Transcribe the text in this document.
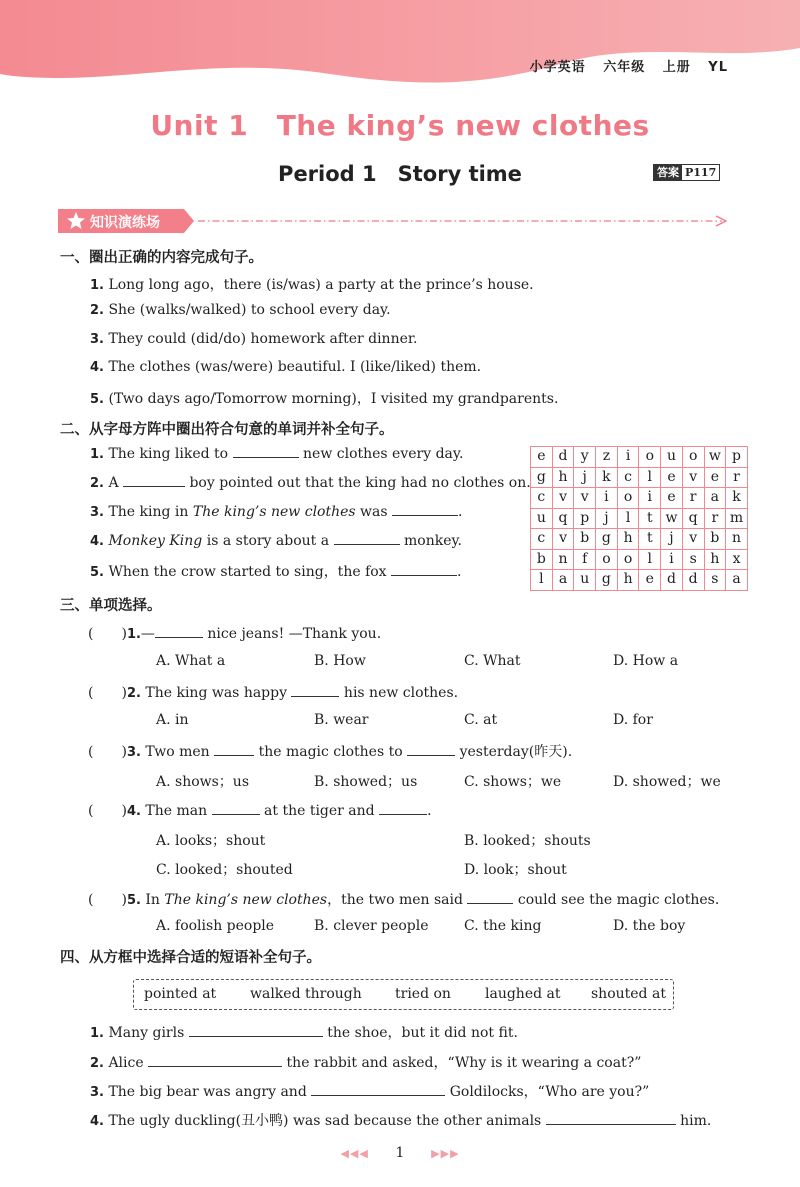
小学英语 六年级 上册 YL
Unit 1　The king’s new clothes
Period 1　Story time	答案 P117
知识演练场
一、圈出正确的内容完成句子。
1. Long long ago，there (is/was) a party at the prince’s house.
2. She (walks/walked) to school every day.
3. They could (did/do) homework after dinner.
4. The clothes (was/were) beautiful. I (like/liked) them.
5. (Two days ago/Tomorrow morning)，I visited my grandparents.
二、从字母方阵中圈出符合句意的单词并补全句子。
1. The king liked to	new clothes every day.
2. A	boy pointed out that the king had no clothes on.
3. The king in The king’s new clothes was	.
4. Monkey King is a story about a	monkey.
5. When the crow started to sing，the fox	.
e	d	y	z	i	o	u	o	w	p
g	h	j	k	c	l	e	v	e	r
c	v	v	i	o	i	e	r	a	k
u	q	p	j	l	t	w	q	r	m
c	v	b	g	h	t	j	v	b	n
b	n	f	o	o	l	i	s	h	x
l	a	u	g	h	e	d	d	s	a
三、单项选择。
(　　)1.—	nice jeans! —Thank you.
A. What a	B. How	C. What	D. How a
(　　)2. The king was happy	his new clothes.
A. in	B. wear	C. at	D. for
(　　)3. Two men	the magic clothes to	yesterday(昨天).
A. shows；us	B. showed；us	C. shows；we	D. showed；we
(　　)4. The man	at the tiger and	.
A. looks；shout	B. looked；shouts
C. looked；shouted	D. look；shout
(　　)5. In The king’s new clothes，the two men said	could see the magic clothes.
A. foolish people	B. clever people	C. the king	D. the boy
四、从方框中选择合适的短语补全句子。
pointed at walked through tried on laughed at shouted at
1. Many girls	the shoe，but it did not fit.
2. Alice	the rabbit and asked，“Why is it wearing a coat?”
3. The big bear was angry and	Goldilocks，“Who are you?”
4. The ugly duckling(丑小鸭) was sad because the other animals	him.
◀◀◀ 1 ▶▶▶
